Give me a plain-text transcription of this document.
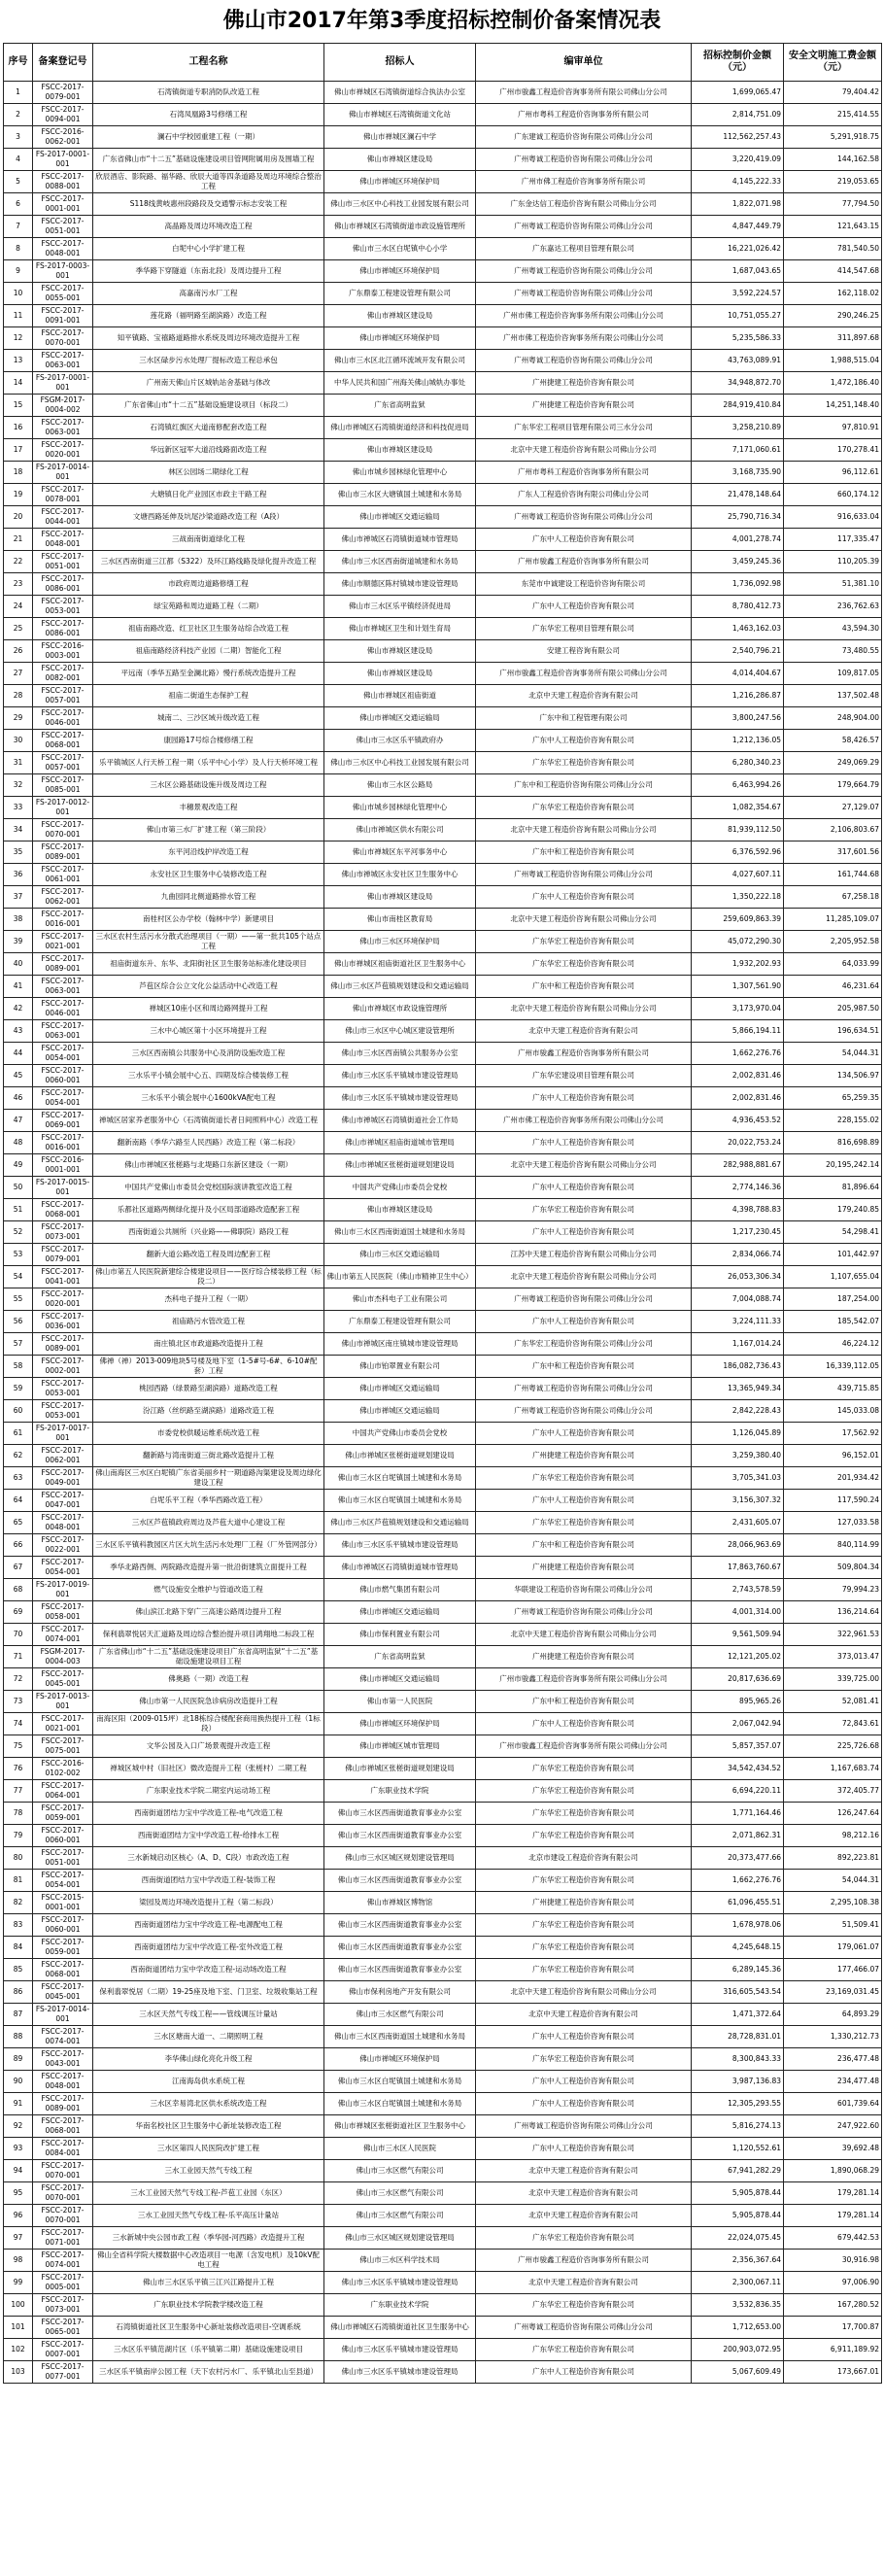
佛山市2017年第3季度招标控制价备案情况表
序号	备案登记号	工程名称	招标人	编审单位	招标控制价金额（元）	安全文明施工费金额（元）
1	FSCC-2017-0079-001	石湾镇街道专职消防队改造工程	佛山市禅城区石湾镇街道综合执法办公室	广州市骏鑫工程造价咨询事务所有限公司佛山分公司	1,699,065.47	79,404.42
2	FSCC-2017-0094-001	石湾凤凰路3号修缮工程	佛山市禅城区石湾镇街道文化站	广州市粤科工程造价咨询事务所有限公司	2,814,751.09	215,414.55
3	FSCC-2016-0062-001	澜石中学校园重建工程（一期）	佛山市禅城区澜石中学	广东建诚工程造价咨询有限公司佛山分公司	112,562,257.43	5,291,918.75
4	FS-2017-0001-001	广东省佛山市“十二五”基础设施建设项目管网附属用房及围墙工程	佛山市禅城区建设局	广州粤诚工程造价咨询有限公司佛山分公司	3,220,419.09	144,162.58
5	FSCC-2017-0088-001	欣辰酒店、影院路、福华路、欣辰大道等四条道路及周边环境综合整治工程	佛山市禅城区环境保护局	广州市佛工程造价咨询事务所有限公司	4,145,222.33	219,053.65
6	FSCC-2017-0001-001	S118线黄岐惠州段路段及交通警示标志安装工程	佛山市三水区中心科技工业园发展有限公司	广东金达信工程造价咨询有限公司佛山分公司	1,822,071.98	77,794.50
7	FSCC-2017-0051-001	高晶路及周边环境改造工程	佛山市禅城区石湾镇街道市政设施管理所	广州粤诚工程造价咨询有限公司佛山分公司	4,847,449.79	121,643.15
8	FSCC-2017-0048-001	白坭中心小学扩建工程	佛山市三水区白坭镇中心小学	广东嘉达工程项目管理有限公司	16,221,026.42	781,540.50
9	FS-2017-0003-001	季华路下穿隧道（东南北段）及周边提升工程	佛山市禅城区环境保护局	广州粤诚工程造价咨询有限公司佛山分公司	1,687,043.65	414,547.68
10	FSCC-2017-0055-001	高嘉南污水厂工程	广东鼎泰工程建设管理有限公司	广州粤诚工程造价咨询有限公司佛山分公司	3,592,224.57	162,118.02
11	FSCC-2017-0091-001	莲花路（福明路至湖滨路）改造工程	佛山市禅城区建设局	广州市佛工程造价咨询事务所有限公司佛山分公司	10,751,055.27	290,246.25
12	FSCC-2017-0070-001	知平镇路、宝禧路道路排水系统及周边环境改造提升工程	佛山市禅城区环境保护局	广州市佛工程造价咨询事务所有限公司佛山分公司	5,235,586.33	311,897.68
13	FSCC-2017-0063-001	三水区碌步污水处理厂提标改造工程总承包	佛山市三水区北江循环流域开发有限公司	广州粤诚工程造价咨询有限公司佛山分公司	43,763,089.91	1,988,515.04
14	FS-2017-0001-001	广州南天佛山片区城轨站舍基础与体改	中华人民共和国广州海关佛山城轨办事处	广州捷建工程造价咨询有限公司	34,948,872.70	1,472,186.40
15	FSGM-2017-0004-002	广东省佛山市“十二五”基础设施建设项目（标段二）	广东省高明监狱	广州捷建工程造价咨询有限公司	284,919,410.84	14,251,148.40
16	FSCC-2017-0063-001	石湾镇红旗区大道南修配套改造工程	佛山市禅城区石湾镇街道经济和科技促进局	广东华宏工程项目管理有限公司三水分公司	3,258,210.89	97,810.91
17	FSCC-2017-0020-001	华远新区冠军大道沿线路面改造工程	佛山市禅城区建设局	北京中天建工程造价咨询有限公司佛山分公司	7,171,060.61	170,278.41
18	FS-2017-0014-001	林区公园场二期绿化工程	佛山市城乡园林绿化管理中心	广州市粤科工程造价咨询事务所有限公司	3,168,735.90	96,112.61
19	FSCC-2017-0078-001	大塘镇日化产业园区市政主干路工程	佛山市三水区大塘镇国土城建和水务局	广东人工程造价咨询有限公司佛山分公司	21,478,148.64	660,174.12
20	FSCC-2017-0044-001	文塘西路延伸及坑尾沙梁道路改造工程（A段）	佛山市禅城区交通运输局	广州粤诚工程造价咨询有限公司佛山分公司	25,790,716.34	916,633.04
21	FSCC-2017-0048-001	三战南南街道绿化工程	佛山市禅城区石湾镇街道城市管理局	广东中人工程造价咨询有限公司	4,001,278.74	117,335.47
22	FSCC-2017-0051-001	三水区西南街道三江都（S322）及环江路线路及绿化提升改造工程	佛山市三水区西南街道城建和水务局	广州市骏鑫工程造价咨询事务所有限公司	3,459,245.36	110,205.39
23	FSCC-2017-0086-001	市政府周边道路修缮工程	佛山市顺德区陈村镇城市建设管理局	东莞市中诚建设工程造价咨询有限公司	1,736,092.98	51,381.10
24	FSCC-2017-0053-001	绿宝苑路和周边道路工程（二期）	佛山市三水区乐平镇经济促进局	广东中人工程造价咨询有限公司	8,780,412.73	236,762.63
25	FSCC-2017-0086-001	祖庙南路改造、红卫社区卫生服务站综合改造工程	佛山市禅城区卫生和计划生育局	广东华宏工程项目管理有限公司	1,463,162.03	43,594.30
26	FSCC-2016-0003-001	祖庙南路经济科技产业园（二期）智能化工程	佛山市禅城区建设局	安建工程咨询有限公司	2,540,796.21	73,480.55
27	FSCC-2017-0082-001	平远南（季华五路至金澜北路）慢行系统改造提升工程	佛山市禅城区建设局	广州市骏鑫工程造价咨询事务所有限公司佛山分公司	4,014,404.67	109,817.05
28	FSCC-2017-0057-001	祖庙二街道生态保护工程	佛山市禅城区祖庙街道	北京中天建工程造价咨询有限公司	1,216,286.87	137,502.48
29	FSCC-2017-0046-001	城南二、三沙区域升级改造工程	佛山市禅城区交通运输局	广东中和工程管理有限公司	3,800,247.56	248,904.00
30	FSCC-2017-0068-001	康园路17号综合楼修缮工程	佛山市三水区乐平镇政府办	广东中人工程造价咨询有限公司	1,212,136.05	58,426.57
31	FSCC-2017-0057-001	乐平镇城区人行天桥工程一期（乐平中心小学）及人行天桥环境工程	佛山市三水区中心科技工业园发展有限公司	广东华宏工程造价咨询有限公司	6,280,340.23	249,069.29
32	FSCC-2017-0085-001	三水区公路基础设施升级及周边工程	佛山市三水区公路局	广东中和工程造价咨询有限公司佛山分公司	6,463,994.26	179,664.79
33	FS-2017-0012-001	丰穗景观改造工程	佛山市城乡园林绿化管理中心	广东华宏工程造价咨询有限公司	1,082,354.67	27,129.07
34	FSCC-2017-0070-001	佛山市第三水厂扩建工程（第三阶段）	佛山市禅城区供水有限公司	北京中天建工程造价咨询有限公司佛山分公司	81,939,112.50	2,106,803.67
35	FSCC-2017-0089-001	东平河沿线护岸改造工程	佛山市禅城区东平河事务中心	广东中和工程造价咨询有限公司	6,376,592.96	317,601.56
36	FSCC-2017-0061-001	永安社区卫生服务中心装修改造工程	佛山市禅城区永安社区卫生服务中心	广州粤诚工程造价咨询有限公司佛山分公司	4,027,607.11	161,744.68
37	FSCC-2017-0062-001	九曲园同北侧道路排水管工程	佛山市禅城区建设局	广东中人工程造价咨询有限公司	1,350,222.18	67,258.18
38	FSCC-2017-0016-001	南桂村区公办学校（翰林中学）新建项目	佛山市南桂区教育局	北京中天建工程造价咨询有限公司佛山分公司	259,609,863.39	11,285,109.07
39	FSCC-2017-0021-001	三水区农村生活污水分散式治理项目（一期）——第一批共105个站点工程	佛山市三水区环境保护局	广东华宏工程造价咨询有限公司	45,072,290.30	2,205,952.58
40	FSCC-2017-0089-001	祖庙街道东升、东华、北阳街社区卫生服务站标准化建设项目	佛山市禅城区祖庙街道社区卫生服务中心	广东华宏工程造价咨询有限公司	1,932,202.93	64,033.99
41	FSCC-2017-0063-001	芦苞区综合公立文化公益活动中心改造工程	佛山市三水区芦苞镇规划建设和交通运输局	广东中和工程造价咨询有限公司	1,307,561.90	46,231.64
42	FSCC-2017-0046-001	禅城区10座小区和周边路网提升工程	佛山市禅城区市政设施管理所	北京中天建工程造价咨询有限公司佛山分公司	3,173,970.04	205,987.50
43	FSCC-2017-0063-001	三水中心城区第十小区环境提升工程	佛山市三水区中心城区建设管理所	北京中天建工程造价咨询有限公司	5,866,194.11	196,634.51
44	FSCC-2017-0054-001	三水区西南镇公共服务中心及消防设施改造工程	佛山市三水区西南镇公共服务办公室	广州市骏鑫工程造价咨询事务所有限公司	1,662,276.76	54,044.31
45	FSCC-2017-0060-001	三水乐平小镇会展中心五、四期及综合楼装修工程	佛山市三水区乐平镇城市建设管理局	广东华宏建设项目管理有限公司	2,002,831.46	134,506.97
46	FSCC-2017-0054-001	三水乐平小镇会展中心1600kVA配电工程	佛山市三水区乐平镇城市建设管理局	广东中人工程造价咨询有限公司	2,002,831.46	65,259.35
47	FSCC-2017-0069-001	禅城区居家养老服务中心（石湾镇街道长者日间照料中心）改造工程	佛山市禅城区石湾镇街道社会工作局	广州市佛工程造价咨询事务所有限公司佛山分公司	4,936,453.52	228,155.02
48	FSCC-2017-0016-001	翻新南路（季华六路至人民西路）改造工程（第二标段）	佛山市禅城区祖庙街道城市管理局	广东中人工程造价咨询有限公司	20,022,753.24	816,698.89
49	FSCC-2016-0001-001	佛山市禅城区张槎路与北堤路口东新区建设（一期）	佛山市禅城区张槎街道规划建设局	北京中天建工程造价咨询有限公司佛山分公司	282,988,881.67	20,195,242.14
50	FS-2017-0015-001	中国共产党佛山市委员会党校国际演讲教室改造工程	中国共产党佛山市委员会党校	广东中人工程造价咨询有限公司	2,774,146.36	81,896.64
51	FSCC-2017-0068-001	乐都社区道路两侧绿化提升及小区局部道路改造配套工程	佛山市禅城区建设局	广东华宏工程造价咨询有限公司	4,398,788.83	179,240.85
52	FSCC-2017-0073-001	西南街道公共厕所（兴业路——佛职院）路段工程	佛山市三水区西南街道国土城建和水务局	广东中人工程造价咨询有限公司	1,217,230.45	54,298.41
53	FSCC-2017-0079-001	翻新大道公路改造工程及周边配套工程	佛山市三水区交通运输局	江苏中天建工程造价咨询有限公司佛山分公司	2,834,066.74	101,442.97
54	FSCC-2017-0041-001	佛山市第五人民医院新建综合楼建设项目——医疗综合楼装修工程（标段二）	佛山市第五人民医院（佛山市精神卫生中心）	北京中天建工程造价咨询有限公司佛山分公司	26,053,306.34	1,107,655.04
55	FSCC-2017-0020-001	杰科电子提升工程（一期）	佛山市杰科电子工业有限公司	广州粤诚工程造价咨询有限公司佛山分公司	7,004,088.74	187,254.00
56	FSCC-2017-0036-001	祖庙路污水管改造工程	广东鼎泰工程建设管理有限公司	广东中人工程造价咨询有限公司	3,224,111.33	185,542.07
57	FSCC-2017-0089-001	南庄镇北区市政道路改造提升工程	佛山市禅城区南庄镇城市建设管理局	广东华宏工程造价咨询有限公司佛山分公司	1,167,014.24	46,224.12
58	FSCC-2017-0002-001	佛禅（禅）2013-009地块5号楼及地下室（1-5#号-6#、6-10#配套）工程	佛山市铂翠置业有限公司	广东中和工程造价咨询有限公司	186,082,736.43	16,339,112.05
59	FSCC-2017-0053-001	桃园西路（绿景路至湖滨路）道路改造工程	佛山市禅城区交通运输局	广州粤诚工程造价咨询有限公司佛山分公司	13,365,949.34	439,715.85
60	FSCC-2017-0053-001	汾江路（丝织路至湖滨路）道路改造工程	佛山市禅城区交通运输局	广州粤诚工程造价咨询有限公司佛山分公司	2,842,228.43	145,033.08
61	FS-2017-0017-001	市委党校供暖运维系统改造工程	中国共产党佛山市委员会党校	广东中人工程造价咨询有限公司	1,126,045.89	17,562.92
62	FSCC-2017-0062-001	翻新路与湾南街道三街北路改造提升工程	佛山市禅城区张槎街道规划建设局	广州捷建工程造价咨询有限公司	3,259,380.40	96,152.01
63	FSCC-2017-0049-001	佛山南海区三水区白坭镇广东省美丽乡村一期道路沟渠建设及周边绿化建设工程	佛山市三水区白坭镇国土城建和水务局	广东华宏工程造价咨询有限公司	3,705,341.03	201,934.42
64	FSCC-2017-0047-001	白坭乐平工程（季华西路改造工程）	佛山市三水区白坭镇国土城建和水务局	广东中人工程造价咨询有限公司	3,156,307.32	117,590.24
65	FSCC-2017-0048-001	三水区芦苞镇政府周边及芦苞大道中心建设工程	佛山市三水区芦苞镇规划建设和交通运输局	广东华宏工程造价咨询有限公司	2,431,605.07	127,033.58
66	FSCC-2017-0022-001	三水区乐平镇科教园区片区大坑生活污水处理厂工程（厂外管网部分）	佛山市三水区乐平镇城市建设管理局	广东中和工程造价咨询有限公司	28,066,963.69	840,114.99
67	FSCC-2017-0054-001	季华北路西侧、两院路改造提升第一批沿街建筑立面提升工程	佛山市禅城区石湾镇街道城市管理局	广州捷建工程造价咨询有限公司	17,863,760.67	509,804.34
68	FS-2017-0019-001	燃气设施安全维护与管道改造工程	佛山市燃气集团有限公司	华联建设工程造价咨询有限公司佛山分公司	2,743,578.59	79,994.23
69	FSCC-2017-0058-001	佛山滨江北路下穿广三高速公路周边提升工程	佛山市禅城区交通运输局	广州粤诚工程造价咨询有限公司佛山分公司	4,001,314.00	136,214.64
70	FSCC-2017-0074-001	保利翡翠悦居天汇道路及周边综合整治提升项目鸿翔地二标段工程	佛山市保利置业有限公司	北京中天建工程造价咨询有限公司佛山分公司	9,561,509.94	322,961.53
71	FSGM-2017-0004-003	广东省佛山市“十二五”基础设施建设项目广东省高明监狱“十二五”基础设施建设项目工程	广东省高明监狱	广州捷建工程造价咨询有限公司	12,121,205.02	373,013.47
72	FSCC-2017-0045-001	佛奥路（一期）改造工程	佛山市禅城区交通运输局	广州市骏鑫工程造价咨询事务所有限公司佛山分公司	20,817,636.69	339,725.00
73	FS-2017-0013-001	佛山市第一人民医院急诊病房改造提升工程	佛山市第一人民医院	广东中和工程造价咨询有限公司	895,965.26	52,081.41
74	FSCC-2017-0021-001	南海区阳（2009-015坪）北18栋综合楼配套商用换热提升工程（1标段）	佛山市禅城区环境保护局	广东中人工程造价咨询有限公司	2,067,042.94	72,843.61
75	FSCC-2017-0075-001	文华公园及入口广场景观提升改造工程	佛山市禅城区城市管理局	广州市骏鑫工程造价咨询事务所有限公司佛山分公司	5,857,357.07	225,726.68
76	FSCC-2016-0102-002	禅城区城中村（旧社区）微改造提升工程（张槎村）二期工程	佛山市禅城区张槎街道规划建设局	广东华宏工程造价咨询有限公司	34,542,434.52	1,167,683.74
77	FSCC-2017-0064-001	广东职业技术学院二期室内运动场工程	广东职业技术学院	广东华宏工程造价咨询有限公司	6,694,220.11	372,405.77
78	FSCC-2017-0059-001	西南街道团结力宝中学改造工程-电气改造工程	佛山市三水区西南街道教育事业办公室	广东华宏工程造价咨询有限公司	1,771,164.46	126,247.64
79	FSCC-2017-0060-001	西南街道团结力宝中学改造工程-给排水工程	佛山市三水区西南街道教育事业办公室	广东华宏工程造价咨询有限公司	2,071,862.31	98,212.16
80	FSCC-2017-0051-001	三水新城启动区核心（A、D、C段）市政改造工程	佛山市三水区城区规划建设管理局	北京市建设工程造价咨询有限公司	20,373,477.66	892,223.81
81	FSCC-2017-0054-001	西南街道团结力宝中学改造工程-装饰工程	佛山市三水区西南街道教育事业办公室	广东华宏工程造价咨询有限公司	1,662,276.76	54,044.31
82	FSCC-2015-0001-001	梁园及周边环境改造提升工程（第二标段）	佛山市禅城区博物馆	广州捷建工程造价咨询有限公司	61,096,455.51	2,295,108.38
83	FSCC-2017-0060-001	西南街道团结力宝中学改造工程-电源配电工程	佛山市三水区西南街道教育事业办公室	广东华宏工程造价咨询有限公司	1,678,978.06	51,509.41
84	FSCC-2017-0059-001	西南街道团结力宝中学改造工程-室外改造工程	佛山市三水区西南街道教育事业办公室	广东华宏工程造价咨询有限公司	4,245,648.15	179,061.07
85	FSCC-2017-0068-001	西南街道团结力宝中学改造工程-运动场改造工程	佛山市三水区西南街道教育事业办公室	广东华宏工程造价咨询有限公司	6,289,145.36	177,466.07
86	FSCC-2017-0045-001	保利翡翠悦居（二期）19-25座及地下室、门卫室、垃圾收集站工程	佛山市保利房地产开发有限公司	北京中天建工程造价咨询有限公司佛山分公司	316,605,543.54	23,169,031.45
87	FS-2017-0014-001	三水区天然气专线工程——管线调压计量站	佛山市三水区燃气有限公司	北京中天建工程造价咨询有限公司	1,471,372.64	64,893.29
88	FSCC-2017-0074-001	三水区塘南大道一、二期照明工程	佛山市三水区西南街道国土城建和水务局	广东中人工程造价咨询有限公司	28,728,831.01	1,330,212.73
89	FSCC-2017-0043-001	李华佛山绿化亮化升级工程	佛山市禅城区环境保护局	广东华宏工程造价咨询有限公司	8,300,843.33	236,477.48
90	FSCC-2017-0048-001	江南海岛供水系统工程	佛山市三水区白坭镇国土城建和水务局	广东中人工程造价咨询有限公司	3,987,136.83	234,477.48
91	FSCC-2017-0089-001	三水区幸易湾北区供水系统改造工程	佛山市三水区白坭镇国土城建和水务局	广东中人工程造价咨询有限公司	12,305,293.55	601,739.64
92	FSCC-2017-0068-001	华南名校社区卫生服务中心新址装修改造工程	佛山市禅城区张槎街道社区卫生服务中心	广州粤诚工程造价咨询有限公司佛山分公司	5,816,274.13	247,922.60
93	FSCC-2017-0084-001	三水区第四人民医院改扩建工程	佛山市三水区人民医院	广东中人工程造价咨询有限公司	1,120,552.61	39,692.48
94	FSCC-2017-0070-001	三水工业园天然气专线工程	佛山市三水区燃气有限公司	北京中天建工程造价咨询有限公司	67,941,282.29	1,890,068.29
95	FSCC-2017-0070-001	三水工业园天然气专线工程-芦苞工业园（东区）	佛山市三水区燃气有限公司	北京中天建工程造价咨询有限公司	5,905,878.44	179,281.14
96	FSCC-2017-0070-001	三水工业园天然气专线工程-乐平高压计量站	佛山市三水区燃气有限公司	北京中天建工程造价咨询有限公司	5,905,878.44	179,281.14
97	FSCC-2017-0071-001	三水新城中央公园市政工程（季华园-河西路）改造提升工程	佛山市三水区城区规划建设管理局	广东华宏工程造价咨询有限公司	22,024,075.45	679,442.53
98	FSCC-2017-0074-001	佛山全省科学院大楼数据中心改造项目一电源（含发电机）及10kV配电工程	佛山市三水区科学技术局	广州市骏鑫工程造价咨询事务所有限公司	2,356,367.64	30,916.98
99	FSCC-2017-0005-001	佛山市三水区乐平镇三江兴江路提升工程	佛山市三水区乐平镇城市建设管理局	北京中天建工程造价咨询有限公司	2,300,067.11	97,006.90
100	FSCC-2017-0073-001	广东职业技术学院教学楼改造工程	广东职业技术学院	广东华宏工程造价咨询有限公司	3,532,836.35	167,280.52
101	FSCC-2017-0065-001	石湾镇街道社区卫生服务中心新址装修改造项目-空调系统	佛山市禅城区石湾镇街道社区卫生服务中心	广州粤诚工程造价咨询有限公司佛山分公司	1,712,653.00	17,700.87
102	FSCC-2017-0007-001	三水区乐平镇范湖片区（乐平镇第二期）基础设施建设项目	佛山市三水区乐平镇城市建设管理局	广东华宏工程造价咨询有限公司	200,903,072.95	6,911,189.92
103	FSCC-2017-0077-001	三水区乐平镇南岸公园工程（天下农村污水厂、乐平镇北山至县道）	佛山市三水区乐平镇城市建设管理局	广东中人工程造价咨询有限公司	5,067,609.49	173,667.01
